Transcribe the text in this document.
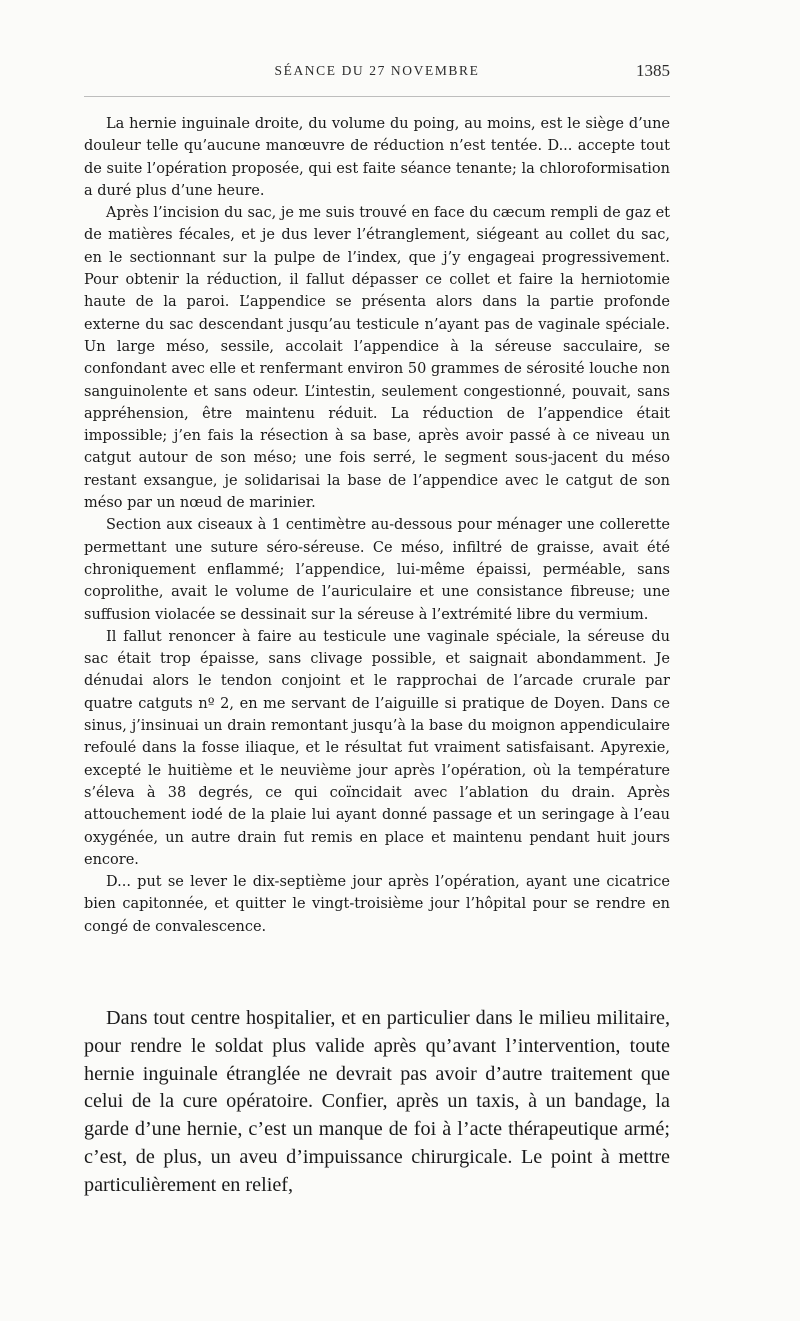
SÉANCE DU 27 NOVEMBRE	1385

La hernie inguinale droite, du volume du poing, au moins, est le siège d’une douleur telle qu’aucune manœuvre de réduction n’est tentée. D... accepte tout de suite l’opération proposée, qui est faite séance tenante; la chloroformisation a duré plus d’une heure.

Après l’incision du sac, je me suis trouvé en face du cæcum rempli de gaz et de matières fécales, et je dus lever l’étranglement, siégeant au collet du sac, en le sectionnant sur la pulpe de l’index, que j’y engageai progressivement. Pour obtenir la réduction, il fallut dépasser ce collet et faire la herniotomie haute de la paroi. L’appendice se présenta alors dans la partie profonde externe du sac descendant jusqu’au testicule n’ayant pas de vaginale spéciale. Un large méso, sessile, accolait l’appendice à la séreuse sacculaire, se confondant avec elle et renfermant environ 50 grammes de sérosité louche non sanguinolente et sans odeur. L’intestin, seulement congestionné, pouvait, sans appréhension, être maintenu réduit. La réduction de l’appendice était impossible; j’en fais la résection à sa base, après avoir passé à ce niveau un catgut autour de son méso; une fois serré, le segment sous-jacent du méso restant exsangue, je solidarisai la base de l’appendice avec le catgut de son méso par un nœud de marinier.

Section aux ciseaux à 1 centimètre au-dessous pour ménager une collerette permettant une suture séro-séreuse. Ce méso, infiltré de graisse, avait été chroniquement enflammé; l’appendice, lui-même épaissi, perméable, sans coprolithe, avait le volume de l’auriculaire et une consistance fibreuse; une suffusion violacée se dessinait sur la séreuse à l’extrémité libre du vermium.

Il fallut renoncer à faire au testicule une vaginale spéciale, la séreuse du sac était trop épaisse, sans clivage possible, et saignait abondamment. Je dénudai alors le tendon conjoint et le rapprochai de l’arcade crurale par quatre catguts nº 2, en me servant de l’aiguille si pratique de Doyen. Dans ce sinus, j’insinuai un drain remontant jusqu’à la base du moignon appendiculaire refoulé dans la fosse iliaque, et le résultat fut vraiment satisfaisant. Apyrexie, excepté le huitième et le neuvième jour après l’opération, où la température s’éleva à 38 degrés, ce qui coïncidait avec l’ablation du drain. Après attouchement iodé de la plaie lui ayant donné passage et un seringage à l’eau oxygénée, un autre drain fut remis en place et maintenu pendant huit jours encore.

D... put se lever le dix-septième jour après l’opération, ayant une cicatrice bien capitonnée, et quitter le vingt-troisième jour l’hôpital pour se rendre en congé de convalescence.

Dans tout centre hospitalier, et en particulier dans le milieu militaire, pour rendre le soldat plus valide après qu’avant l’intervention, toute hernie inguinale étranglée ne devrait pas avoir d’autre traitement que celui de la cure opératoire. Confier, après un taxis, à un bandage, la garde d’une hernie, c’est un manque de foi à l’acte thérapeutique armé; c’est, de plus, un aveu d’impuissance chirurgicale. Le point à mettre particulièrement en relief,
